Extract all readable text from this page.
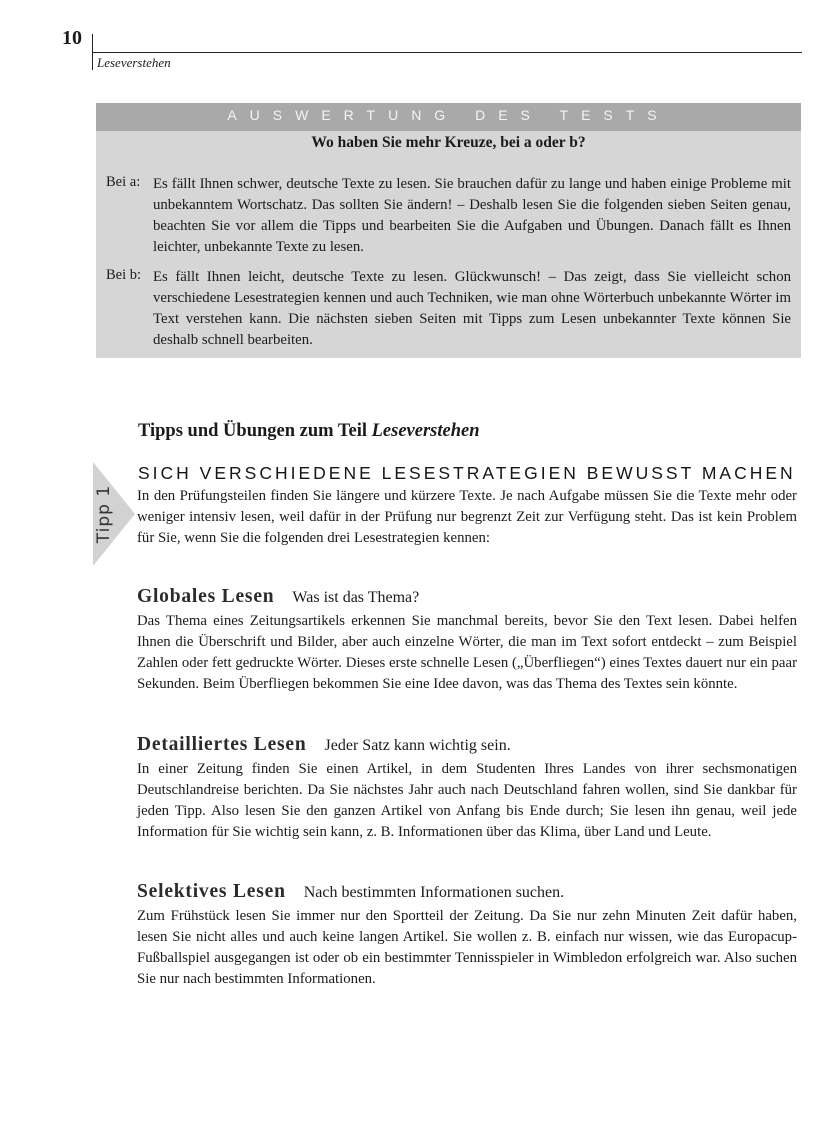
10
Leseverstehen
AUSWERTUNG DES TESTS
Wo haben Sie mehr Kreuze, bei a oder b?
Bei a: Es fällt Ihnen schwer, deutsche Texte zu lesen. Sie brauchen dafür zu lange und haben einige Probleme mit unbekanntem Wortschatz. Das sollten Sie ändern! – Deshalb lesen Sie die folgenden sieben Seiten genau, beachten Sie vor allem die Tipps und bearbeiten Sie die Aufgaben und Übungen. Danach fällt es Ihnen leichter, unbekannte Texte zu lesen.
Bei b: Es fällt Ihnen leicht, deutsche Texte zu lesen. Glückwunsch! – Das zeigt, dass Sie vielleicht schon verschiedene Lesestrategien kennen und auch Techniken, wie man ohne Wörterbuch unbekannte Wörter im Text verstehen kann. Die nächsten sieben Seiten mit Tipps zum Lesen unbekannter Texte können Sie deshalb schnell bearbeiten.
Tipps und Übungen zum Teil Leseverstehen
Tipp 1
SICH VERSCHIEDENE LESESTRATEGIEN BEWUSST MACHEN
In den Prüfungsteilen finden Sie längere und kürzere Texte. Je nach Aufgabe müssen Sie die Texte mehr oder weniger intensiv lesen, weil dafür in der Prüfung nur begrenzt Zeit zur Verfügung steht. Das ist kein Problem für Sie, wenn Sie die folgenden drei Lesestrategien kennen:
Globales Lesen Was ist das Thema?
Das Thema eines Zeitungsartikels erkennen Sie manchmal bereits, bevor Sie den Text lesen. Dabei helfen Ihnen die Überschrift und Bilder, aber auch einzelne Wörter, die man im Text sofort entdeckt – zum Beispiel Zahlen oder fett gedruckte Wörter. Dieses erste schnelle Lesen („Überfliegen“) eines Textes dauert nur ein paar Sekunden. Beim Überfliegen bekommen Sie eine Idee davon, was das Thema des Textes sein könnte.
Detailliertes Lesen Jeder Satz kann wichtig sein.
In einer Zeitung finden Sie einen Artikel, in dem Studenten Ihres Landes von ihrer sechsmonatigen Deutschlandreise berichten. Da Sie nächstes Jahr auch nach Deutschland fahren wollen, sind Sie dankbar für jeden Tipp. Also lesen Sie den ganzen Artikel von Anfang bis Ende durch; Sie lesen ihn genau, weil jede Information für Sie wichtig sein kann, z. B. Informationen über das Klima, über Land und Leute.
Selektives Lesen Nach bestimmten Informationen suchen.
Zum Frühstück lesen Sie immer nur den Sportteil der Zeitung. Da Sie nur zehn Minuten Zeit dafür haben, lesen Sie nicht alles und auch keine langen Artikel. Sie wollen z. B. einfach nur wissen, wie das Europacup-Fußballspiel ausgegangen ist oder ob ein bestimmter Tennisspieler in Wimbledon erfolgreich war. Also suchen Sie nur nach bestimmten Informationen.
